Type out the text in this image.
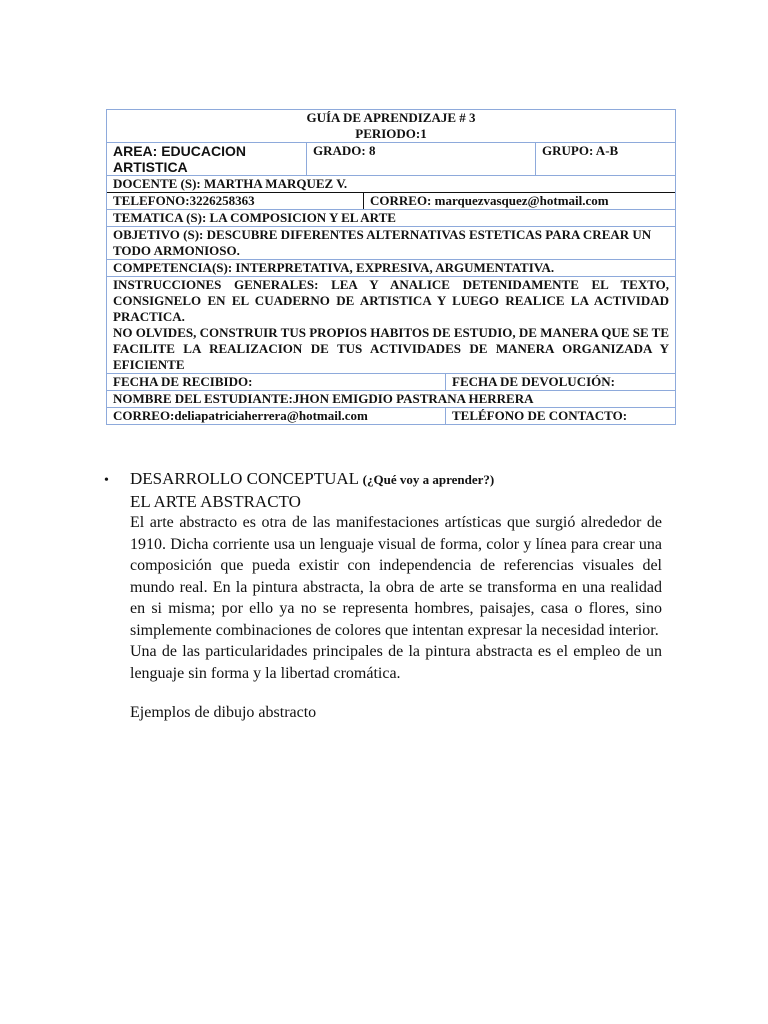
GUÍA DE APRENDIZAJE # 3
PERIODO:1			

AREA: EDUCACION ARTISTICA	GRADO: 8		GRUPO: A-B

DOCENTE (S): MARTHA MARQUEZ V.
TELEFONO:3226258363 CORREO: marquezvasquez@hotmail.com			

TEMATICA (S): LA COMPOSICION Y EL ARTE			
OBJETIVO (S): DESCUBRE DIFERENTES ALTERNATIVAS ESTETICAS PARA CREAR UN TODO ARMONIOSO.			
COMPETENCIA(S): INTERPRETATIVA, EXPRESIVA, ARGUMENTATIVA.			

INSTRUCCIONES GENERALES: LEA Y ANALICE DETENIDAMENTE EL TEXTO, CONSIGNELO EN EL CUADERNO DE ARTISTICA Y LUEGO REALICE LA ACTIVIDAD PRACTICA.
NO OLVIDES, CONSTRUIR TUS PROPIOS HABITOS DE ESTUDIO, DE MANERA QUE SE TE FACILITE LA REALIZACION DE TUS ACTIVIDADES DE MANERA ORGANIZADA Y EFICIENTE			

FECHA DE RECIBIDO:		FECHA DE DEVOLUCIÓN:	
NOMBRE DEL ESTUDIANTE:JHON EMIGDIO PASTRANA HERRERA			
CORREO:deliapatriciaherrera@hotmail.com		TELÉFONO DE CONTACTO:	
• DESARROLLO CONCEPTUAL (¿Qué voy a aprender?)
EL ARTE ABSTRACTO

El arte abstracto es otra de las manifestaciones artísticas que surgió alrededor de 1910. Dicha corriente usa un lenguaje visual de forma, color y línea para crear una composición que pueda existir con independencia de referencias visuales del mundo real. En la pintura abstracta, la obra de arte se transforma en una realidad en si misma; por ello ya no se representa hombres, paisajes, casa o flores, sino simplemente combinaciones de colores que intentan expresar la necesidad interior.

Una de las particularidades principales de la pintura abstracta es el empleo de un lenguaje sin forma y la libertad cromática.

Ejemplos de dibujo abstracto
